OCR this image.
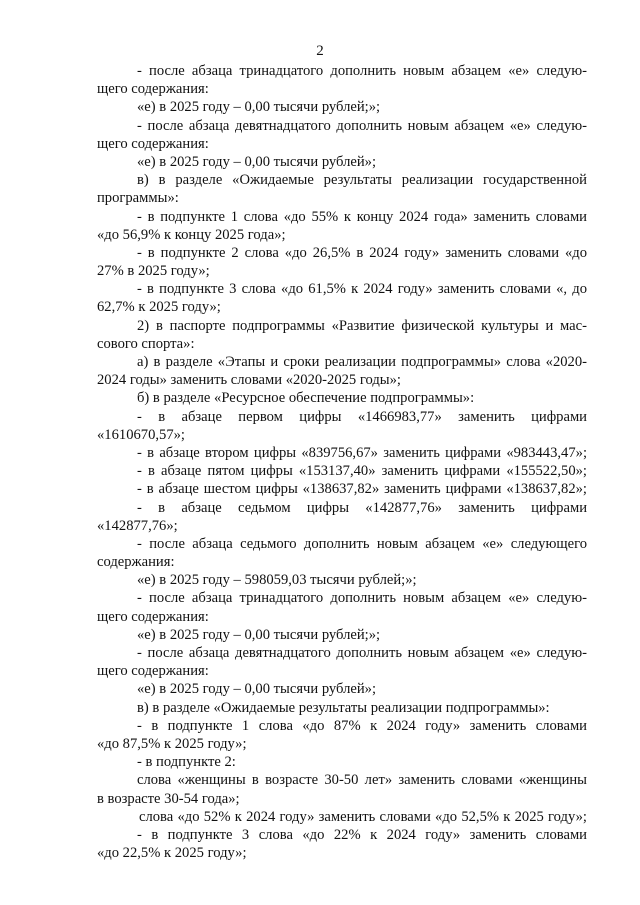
2
- после абзаца тринадцатого дополнить новым абзацем «е» следую-
щего содержания:
«е) в 2025 году – 0,00 тысячи рублей;»;
- после абзаца девятнадцатого дополнить новым абзацем «е» следую-
щего содержания:
«е) в 2025 году – 0,00 тысячи рублей»;
в) в разделе «Ожидаемые результаты реализации государственной
программы»:
- в подпункте 1 слова «до 55% к концу 2024 года» заменить словами
«до 56,9% к концу 2025 года»;
- в подпункте 2 слова «до 26,5% в 2024 году» заменить словами «до
27% в 2025 году»;
- в подпункте 3 слова «до 61,5% к 2024 году» заменить словами «, до
62,7% к 2025 году»;
2) в паспорте подпрограммы «Развитие физической культуры и мас-
сового спорта»:
а) в разделе «Этапы и сроки реализации подпрограммы» слова «2020-
2024 годы» заменить словами «2020-2025 годы»;
б) в разделе «Ресурсное обеспечение подпрограммы»:
- в абзаце первом цифры «1466983,77» заменить цифрами
«1610670,57»;
- в абзаце втором цифры «839756,67» заменить цифрами «983443,47»;
- в абзаце пятом цифры «153137,40» заменить цифрами «155522,50»;
- в абзаце шестом цифры «138637,82» заменить цифрами «138637,82»;
- в абзаце седьмом цифры «142877,76» заменить цифрами
«142877,76»;
- после абзаца седьмого дополнить новым абзацем «е» следующего
содержания:
«е) в 2025 году – 598059,03 тысячи рублей;»;
- после абзаца тринадцатого дополнить новым абзацем «е» следую-
щего содержания:
«е) в 2025 году – 0,00 тысячи рублей;»;
- после абзаца девятнадцатого дополнить новым абзацем «е» следую-
щего содержания:
«е) в 2025 году – 0,00 тысячи рублей»;
в) в разделе «Ожидаемые результаты реализации подпрограммы»:
- в подпункте 1 слова «до 87% к 2024 году» заменить словами
«до 87,5% к 2025 году»;
- в подпункте 2:
слова «женщины в возрасте 30-50 лет» заменить словами «женщины
в возрасте 30-54 года»;
слова «до 52% к 2024 году» заменить словами «до 52,5% к 2025 году»;
- в подпункте 3 слова «до 22% к 2024 году» заменить словами
«до 22,5% к 2025 году»;
